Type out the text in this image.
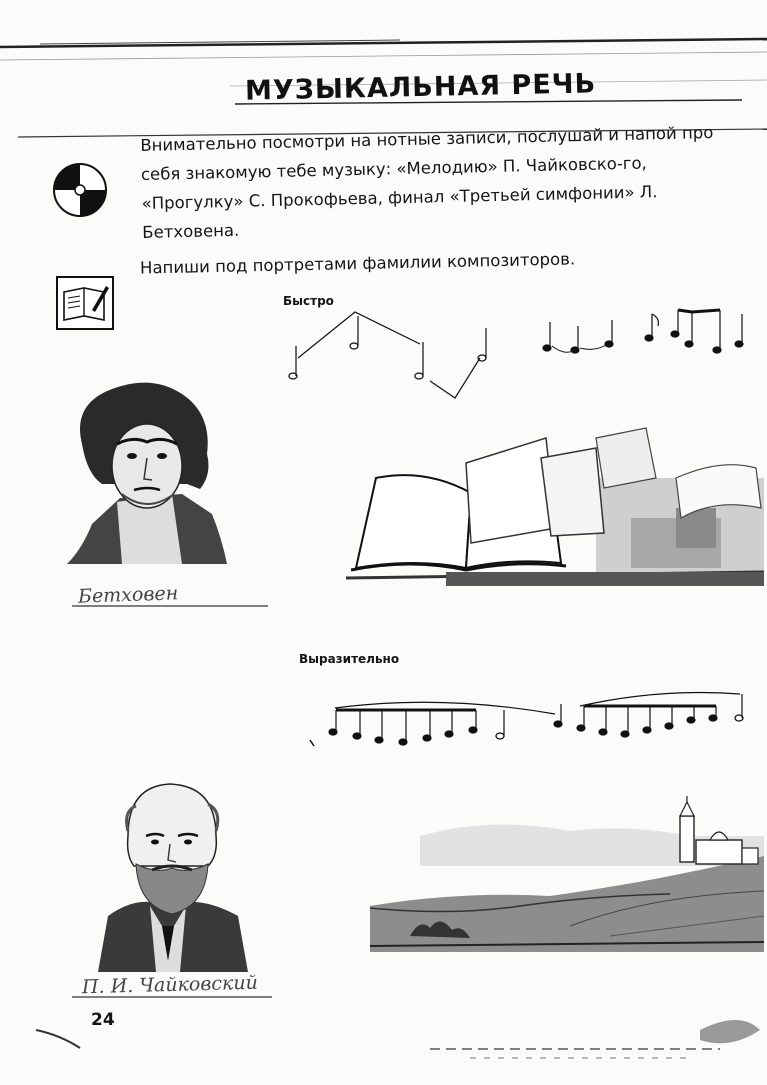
МУЗЫКАЛЬНАЯ РЕЧЬ
Внимательно посмотри на нотные записи, послушай и напой про себя знакомую тебе музыку: «Мелодию» П. Чайковско-го, «Прогулку» С. Прокофьева, финал «Третьей симфонии» Л. Бетховена.
Напиши под портретами фамилии композиторов.
Быстро
Бетховен
Выразительно
П. И. Чайковский
24
